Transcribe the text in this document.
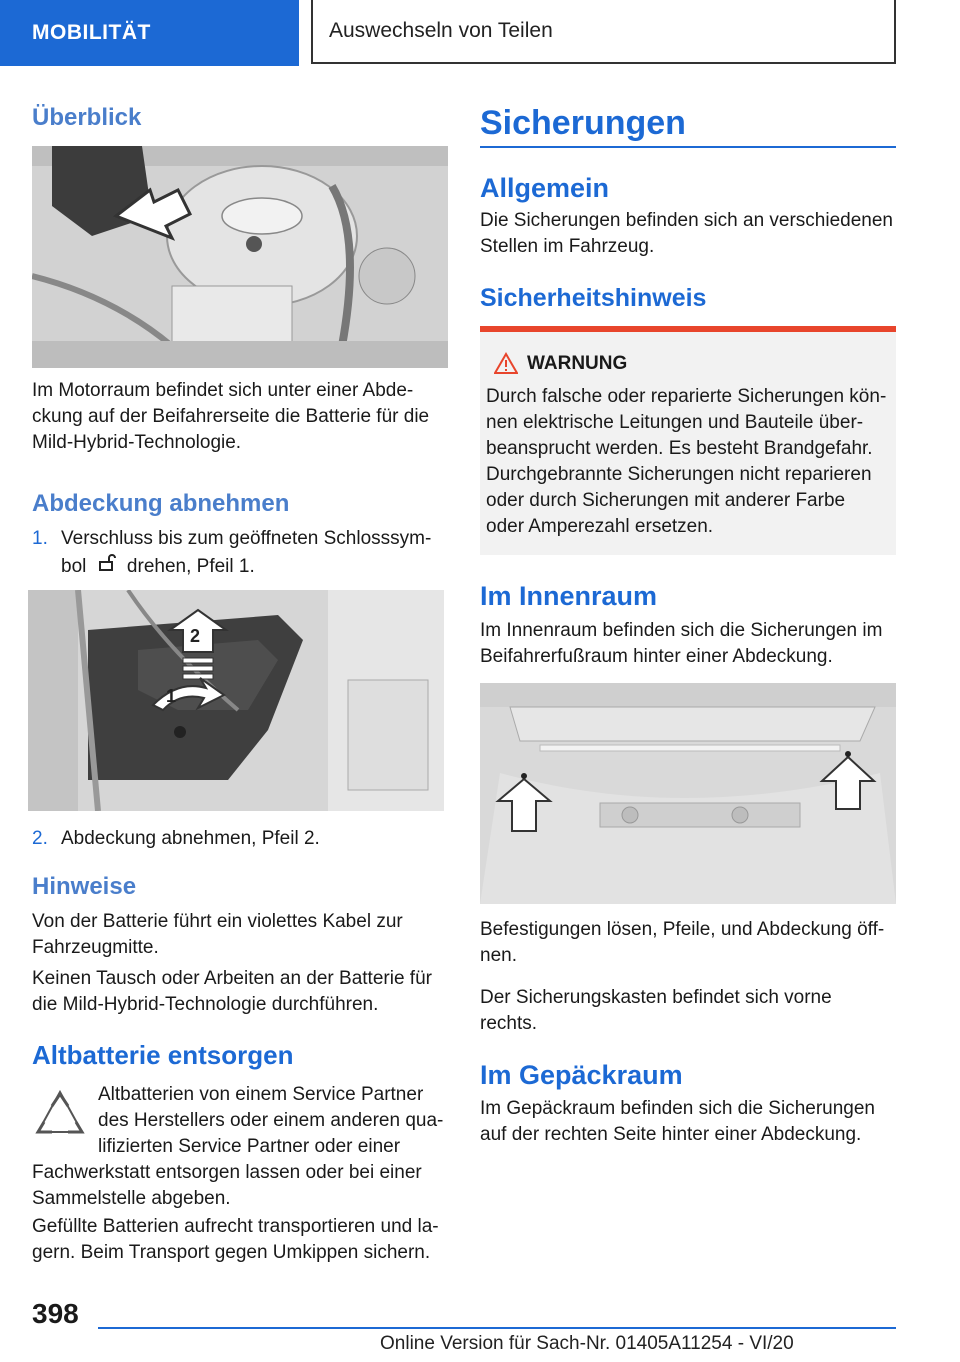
MOBILITÄT	Auswechseln von Teilen
Überblick

Im Motorraum befindet sich unter einer Abde-
ckung auf der Beifahrerseite die Batterie für die
Mild-Hybrid-Technologie.

Abdeckung abnehmen

1. Verschluss bis zum geöffneten Schlosssym-
bol drehen, Pfeil 1.

2
1

2. Abdeckung abnehmen, Pfeil 2.

Hinweise

Von der Batterie führt ein violettes Kabel zur
Fahrzeugmitte.

Keinen Tausch oder Arbeiten an der Batterie für
die Mild-Hybrid-Technologie durchführen.

Altbatterie entsorgen

Altbatterien von einem Service Partner
des Herstellers oder einem anderen qua-
lifizierten Service Partner oder einer
Fachwerkstatt entsorgen lassen oder bei einer
Sammelstelle abgeben.

Gefüllte Batterien aufrecht transportieren und la-
gern. Beim Transport gegen Umkippen sichern.

Sicherungen
Allgemein

Die Sicherungen befinden sich an verschiedenen
Stellen im Fahrzeug.

Sicherheitshinweis
WARNUNG

Durch falsche oder reparierte Sicherungen kön-
nen elektrische Leitungen und Bauteile über-
beansprucht werden. Es besteht Brandgefahr.
Durchgebrannte Sicherungen nicht reparieren
oder durch Sicherungen mit anderer Farbe
oder Amperezahl ersetzen.

Im Innenraum

Im Innenraum befinden sich die Sicherungen im
Beifahrerfußraum hinter einer Abdeckung.

Befestigungen lösen, Pfeile, und Abdeckung öff-
nen.

Der Sicherungskasten befindet sich vorne
rechts.

Im Gepäckraum

Im Gepäckraum befinden sich die Sicherungen
auf der rechten Seite hinter einer Abdeckung.

398
Online Version für Sach-Nr. 01405A11254 - VI/20
